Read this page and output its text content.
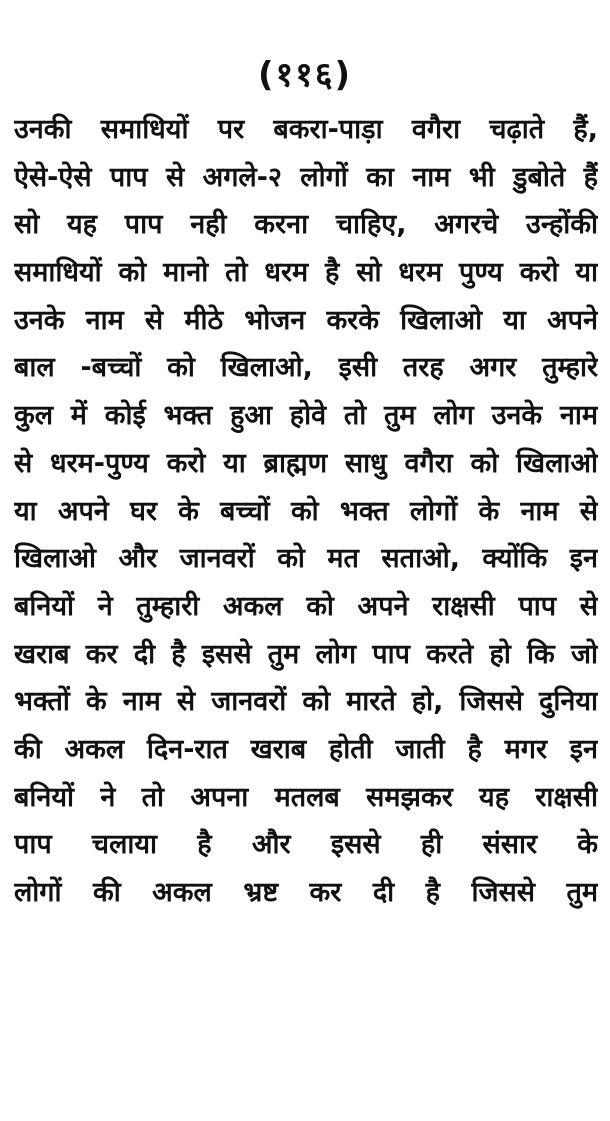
(११६)
उनकी समाधियों पर बकरा-पाड़ा वगैरा चढ़ाते हैं,
ऐसे-ऐसे पाप से अगले-२ लोगों का नाम भी डुबोते हैं
सो यह पाप नही करना चाहिए, अगरचे उन्होंकी
समाधियों को मानो तो धरम है सो धरम पुण्य करो या
उनके नाम से मीठे भोजन करके खिलाओ या अपने
बाल -बच्चों को खिलाओ, इसी तरह अगर तुम्हारे
कुल में कोई भक्त हुआ होवे तो तुम लोग उनके नाम
से धरम-पुण्य करो या ब्राह्मण साधु वगैरा को खिलाओ
या अपने घर के बच्चों को भक्त लोगों के नाम से
खिलाओ और जानवरों को मत सताओ, क्योंकि इन
बनियों ने तुम्हारी अकल को अपने राक्षसी पाप से
खराब कर दी है इससे तुम लोग पाप करते हो कि जो
भक्तों के नाम से जानवरों को मारते हो, जिससे दुनिया
की अकल दिन-रात खराब होती जाती है मगर इन
बनियों ने तो अपना मतलब समझकर यह राक्षसी
पाप चलाया है और इससे ही संसार के
लोगों की अकल भ्रष्ट कर दी है जिससे तुम
